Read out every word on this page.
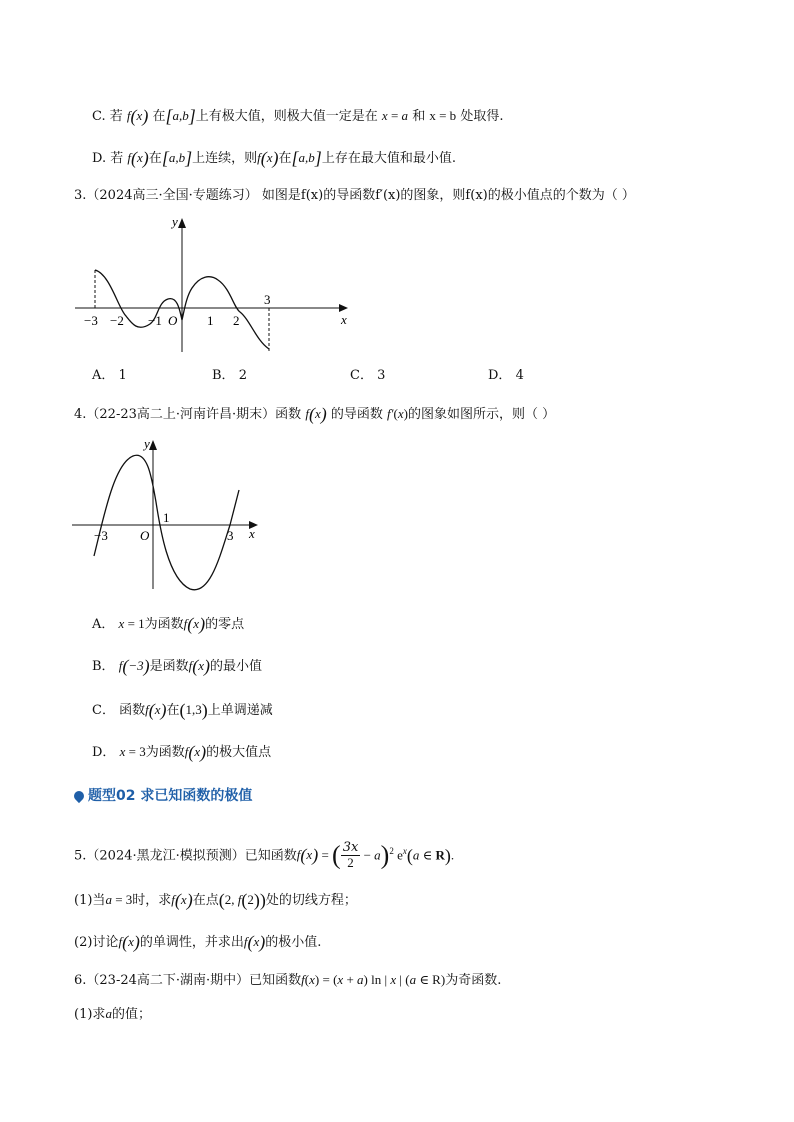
C. 若 f(x) 在[a,b]上有极大值，则极大值一定是在 x = a 和 x = b 处取得.
D. 若 f(x)在[a,b]上连续，则f(x)在[a,b]上存在最大值和最小值.
3.（2024高三·全国·专题练习） 如图是f(x)的导函数f′(x)的图象，则f(x)的极小值点的个数为（ ）
y
x
O
−3 −2 −1	1 2
3
A． 1	B． 2	C． 3	D． 4
4.（22-23高二上·河南许昌·期末）函数 f(x) 的导函数 f′(x)的图象如图所示，则（ ）
y
x
O
−3
1
3
A． x = 1为函数f(x)的零点
B． f(−3)是函数f(x)的最小值
C． 函数f(x)在(1,3)上单调递减
D． x = 3为函数f(x)的极大值点
题型02 求已知函数的极值
5.（2024·黑龙江·模拟预测）已知函数f(x) = ( $\frac{3x}{2} - a)^2$ $e^x(a$ ∈ R).
(1)当a = 3时，求f(x)在点(2, f(2))处的切线方程；
(2)讨论f(x)的单调性，并求出f(x)的极小值.
6.（23-24高二下·湖南·期中）已知函数f(x) = (x + a) ln | x | (a ∈ R)为奇函数.
(1)求a的值；
